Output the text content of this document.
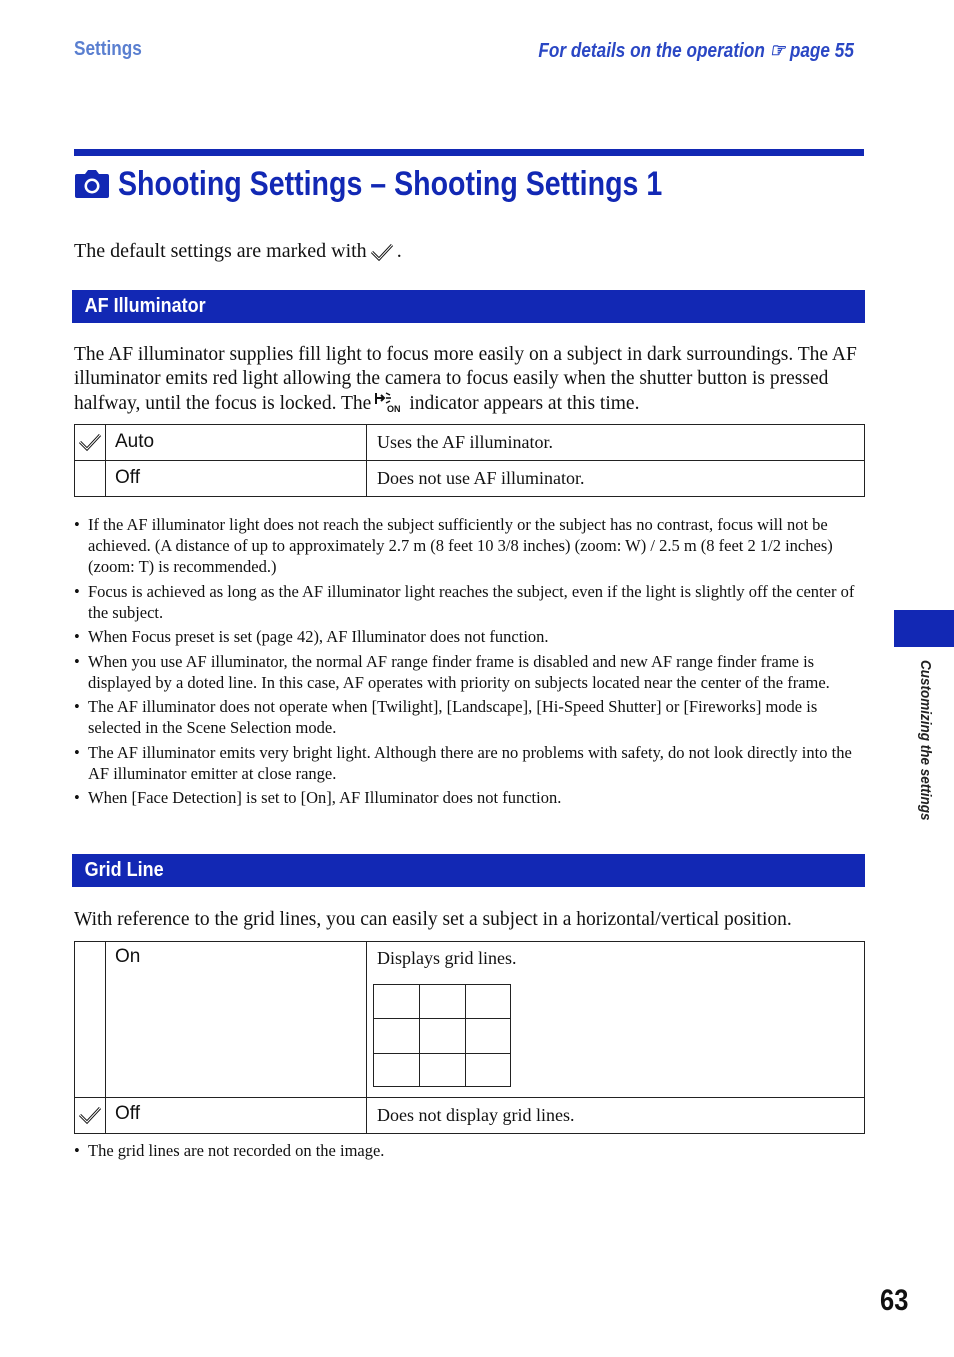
Settings	For details on the operation ☞ page 55
Shooting Settings – Shooting Settings 1
The default settings are marked with .
AF Illuminator
The AF illuminator supplies fill light to focus more easily on a subject in dark surroundings. The AF illuminator emits red light allowing the camera to focus easily when the shutter button is pressed halfway, until the focus is locked. The ON indicator appears at this time.
	Auto	Uses the AF illuminator.
	Off	Does not use AF illuminator.
• If the AF illuminator light does not reach the subject sufficiently or the subject has no contrast, focus will not be achieved. (A distance of up to approximately 2.7 m (8 feet 10 3/8 inches) (zoom: W) / 2.5 m (8 feet 2 1/2 inches) (zoom: T) is recommended.)
• Focus is achieved as long as the AF illuminator light reaches the subject, even if the light is slightly off the center of the subject.
• When Focus preset is set (page 42), AF Illuminator does not function.
• When you use AF illuminator, the normal AF range finder frame is disabled and new AF range finder frame is displayed by a doted line. In this case, AF operates with priority on subjects located near the center of the frame.
• The AF illuminator does not operate when [Twilight], [Landscape], [Hi-Speed Shutter] or [Fireworks] mode is selected in the Scene Selection mode.
• The AF illuminator emits very bright light. Although there are no problems with safety, do not look directly into the AF illuminator emitter at close range.
• When [Face Detection] is set to [On], AF Illuminator does not function.
Grid Line
With reference to the grid lines, you can easily set a subject in a horizontal/vertical position.
	On	Displays grid lines.
	Off	Does not display grid lines.
• The grid lines are not recorded on the image.
Customizing the settings
63
